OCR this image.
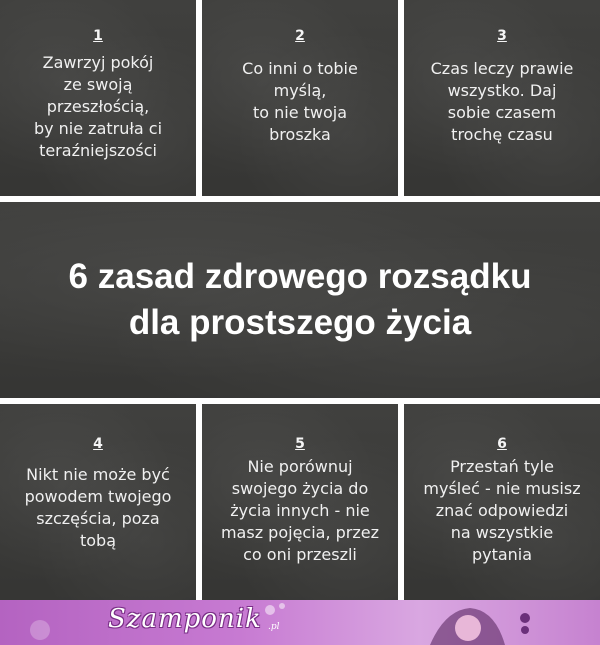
1
Zawrzyj pokój
ze swoją
przeszłością,
by nie zatruła ci
teraźniejszości
2
Co inni o tobie
myślą,
to nie twoja
broszka
3
Czas leczy prawie
wszystko. Daj
sobie czasem
trochę czasu
6 zasad zdrowego rozsądku
dla prostszego życia
4
Nikt nie może być
powodem twojego
szczęścia, poza
tobą
5
Nie porównuj
swojego życia do
życia innych - nie
masz pojęcia, przez
co oni przeszli
6
Przestań tyle
myśleć - nie musisz
znać odpowiedzi
na wszystkie
pytania
Szamponik .pl
